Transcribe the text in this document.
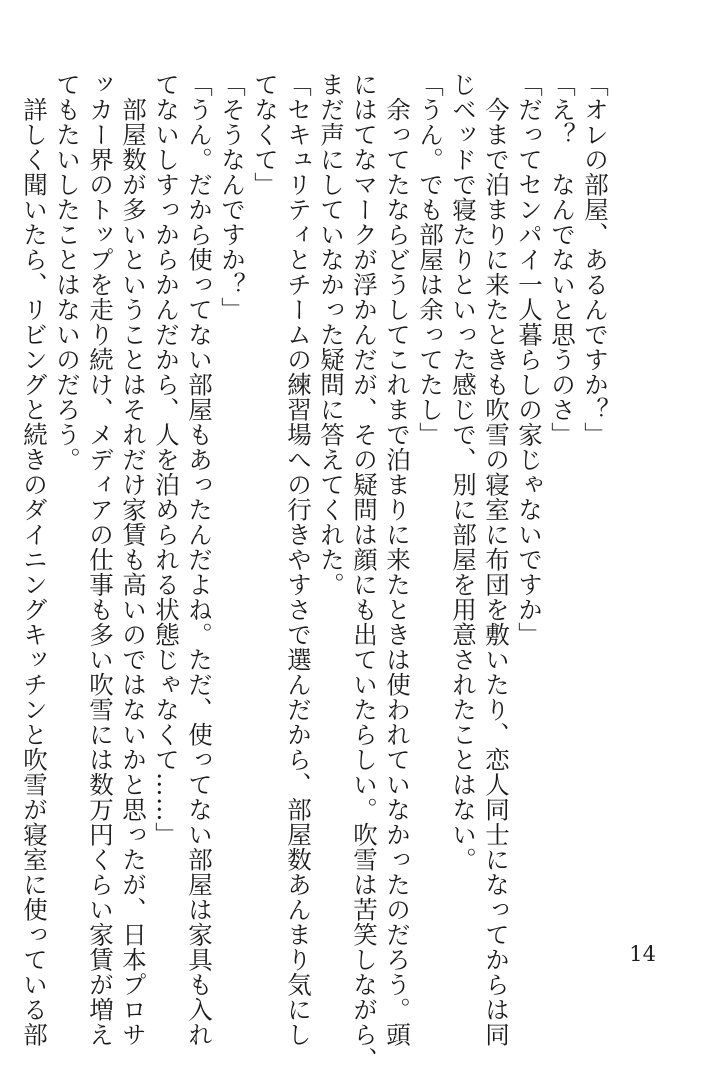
「オレの部屋、あるんですか？」
「え？　なんでないと思うのさ」
「だってセンパイ一人暮らしの家じゃないですか」
　今まで泊まりに来たときも吹雪の寝室に布団を敷いたり、恋人同士になってからは同
じベッドで寝たりといった感じで、別に部屋を用意されたことはない。
「うん。でも部屋は余ってたし」
　余ってたならどうしてこれまで泊まりに来たときは使われていなかったのだろう。頭
にはてなマークが浮かんだが、その疑問は顔にも出ていたらしい。吹雪は苦笑しながら、
まだ声にしていなかった疑問に答えてくれた。
「セキュリティとチームの練習場への行きやすさで選んだから、部屋数あんまり気にし
てなくて」
「そうなんですか？」
「うん。だから使ってない部屋もあったんだよね。ただ、使ってない部屋は家具も入れ
てないしすっからかんだから、人を泊められる状態じゃなくて……」
　部屋数が多いということはそれだけ家賃も高いのではないかと思ったが、日本プロサ
ッカー界のトップを走り続け、メディアの仕事も多い吹雪には数万円くらい家賃が増え
てもたいしたことはないのだろう。
　詳しく聞いたら、リビングと続きのダイニングキッチンと吹雪が寝室に使っている部	14
